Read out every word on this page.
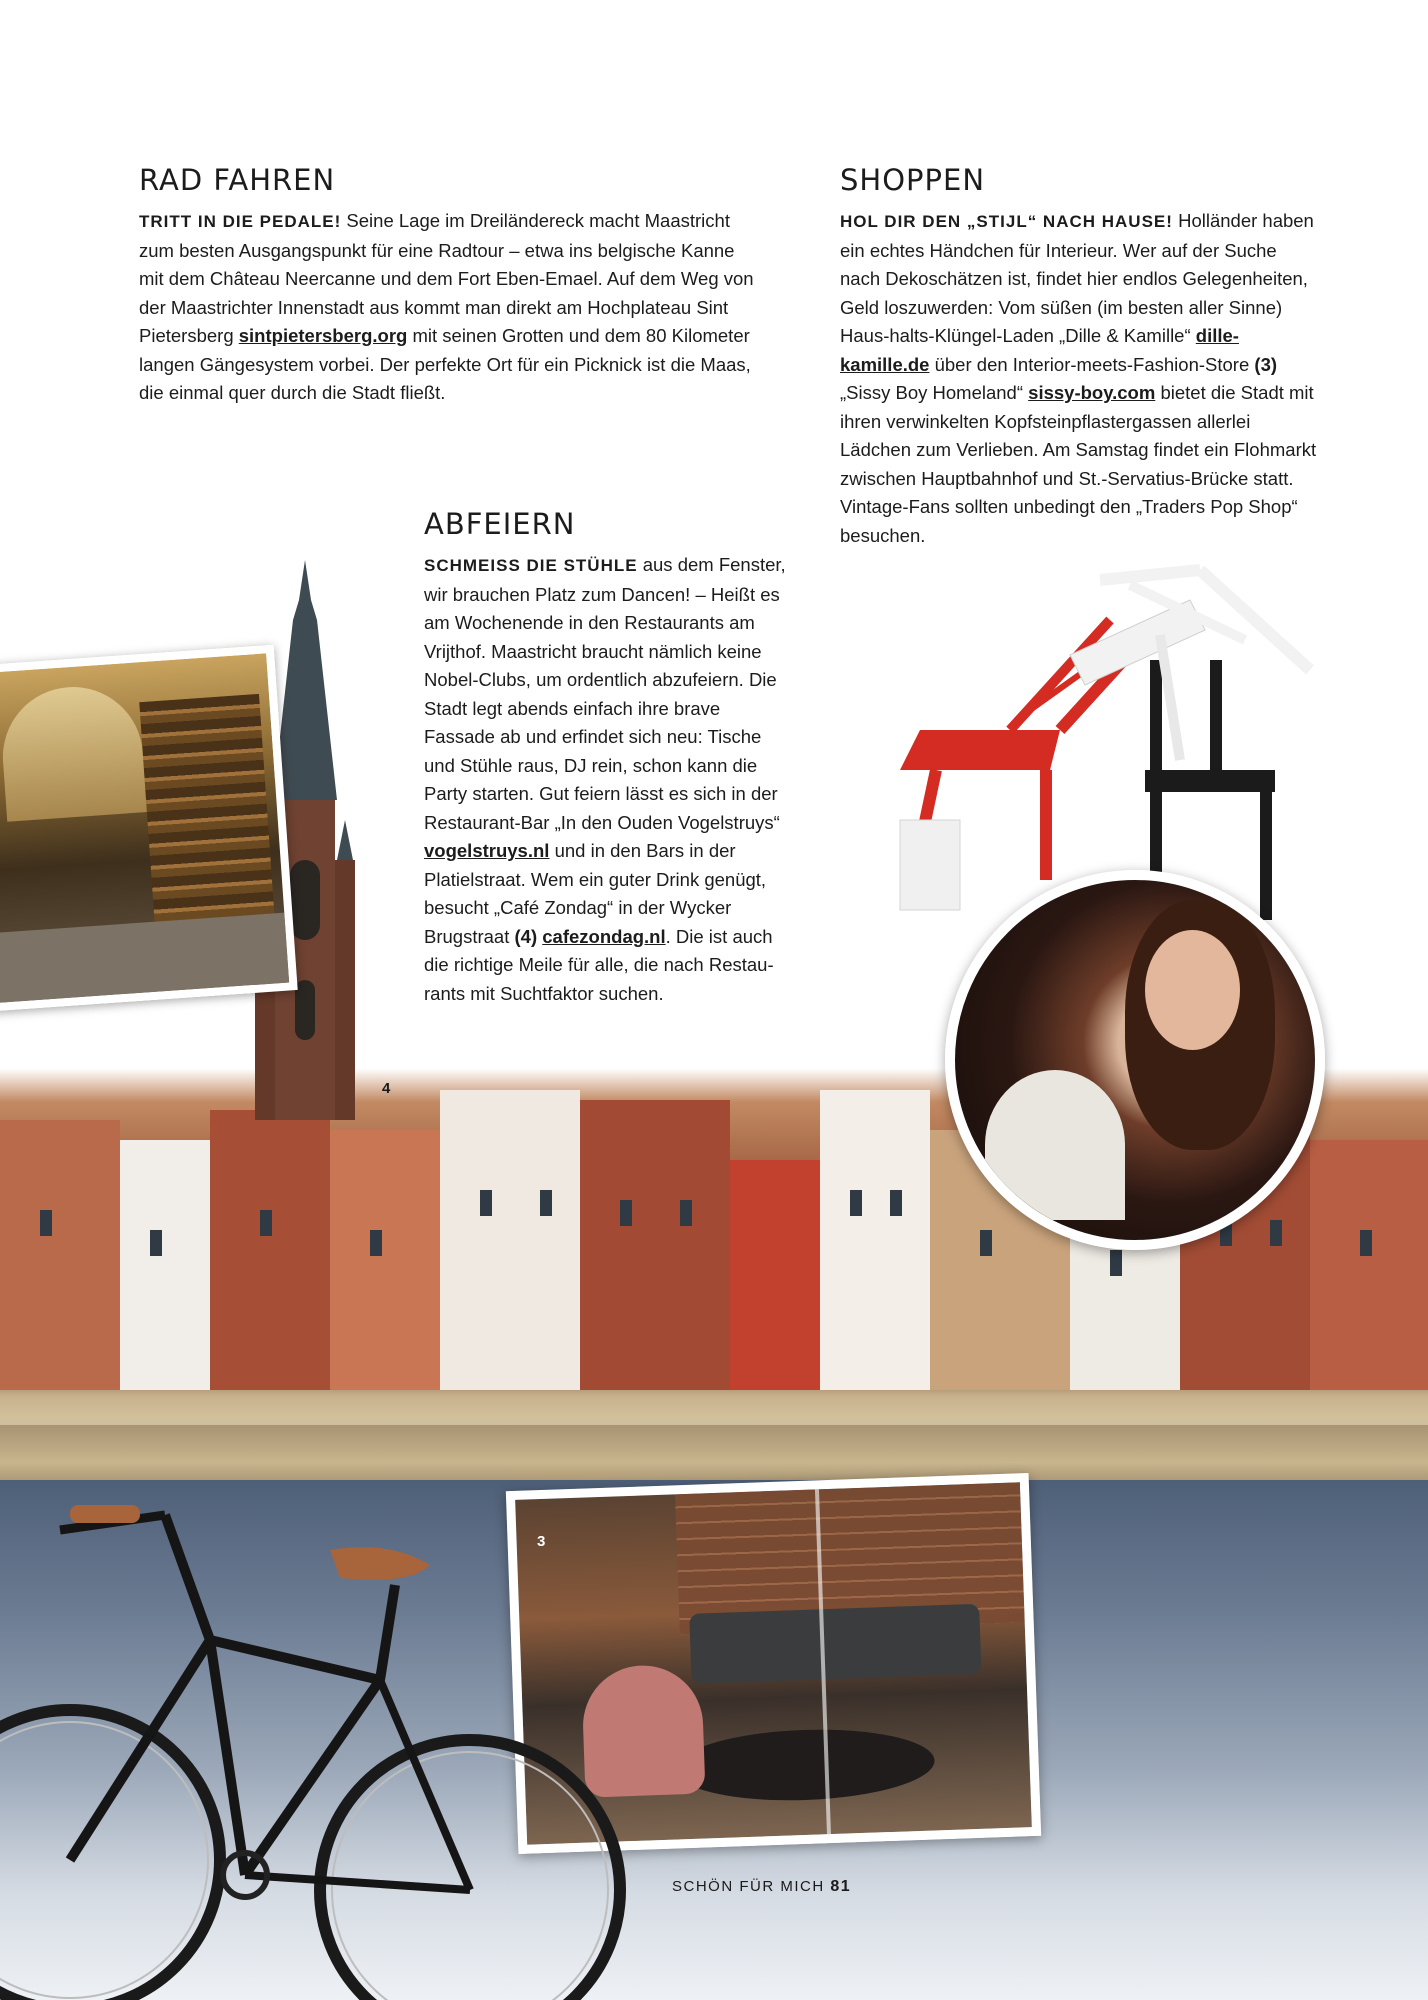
RAD FAHREN

TRITT IN DIE PEDALE! Seine Lage im Dreiländereck macht Maastricht zum besten Ausgangspunkt für eine Radtour – etwa ins belgische Kanne mit dem Château Neercanne und dem Fort Eben-Emael. Auf dem Weg von der Maastrichter Innenstadt aus kommt man direkt am Hochplateau Sint Pietersberg sintpietersberg.org mit seinen Grotten und dem 80 Kilometer langen Gängesystem vorbei. Der perfekte Ort für ein Picknick ist die Maas, die einmal quer durch die Stadt fließt.

SHOPPEN

HOL DIR DEN „STIJL“ NACH HAUSE! Holländer haben ein echtes Händchen für Interieur. Wer auf der Suche nach Dekoschätzen ist, findet hier endlos Gelegenheiten, Geld loszuwerden: Vom süßen (im besten aller Sinne) Haus-halts-Klüngel-Laden „Dille & Kamille“ dille-kamille.de über den Interior-meets-Fashion-Store (3) „Sissy Boy Homeland“ sissy-boy.com bietet die Stadt mit ihren verwinkelten Kopfsteinpflastergassen allerlei Lädchen zum Verlieben. Am Samstag findet ein Flohmarkt zwischen Hauptbahnhof und St.-Servatius-Brücke statt. Vintage-Fans sollten unbedingt den „Traders Pop Shop“ besuchen.

ABFEIERN

SCHMEISS DIE STÜHLE aus dem Fenster, wir brauchen Platz zum Dancen! – Heißt es am Wochenende in den Restaurants am Vrijthof. Maastricht braucht nämlich keine Nobel-Clubs, um ordentlich abzufeiern. Die Stadt legt abends einfach ihre brave Fassade ab und erfindet sich neu: Tische und Stühle raus, DJ rein, schon kann die Party starten. Gut feiern lässt es sich in der Restaurant-Bar „In den Ouden Vogelstruys“ vogelstruys.nl und in den Bars in der Platielstraat. Wem ein guter Drink genügt, besucht „Café Zondag“ in der Wycker Brugstraat (4) cafezondag.nl. Die ist auch die richtige Meile für alle, die nach Restau-rants mit Suchtfaktor suchen.

4
3
SCHÖN FÜR MICH 81
